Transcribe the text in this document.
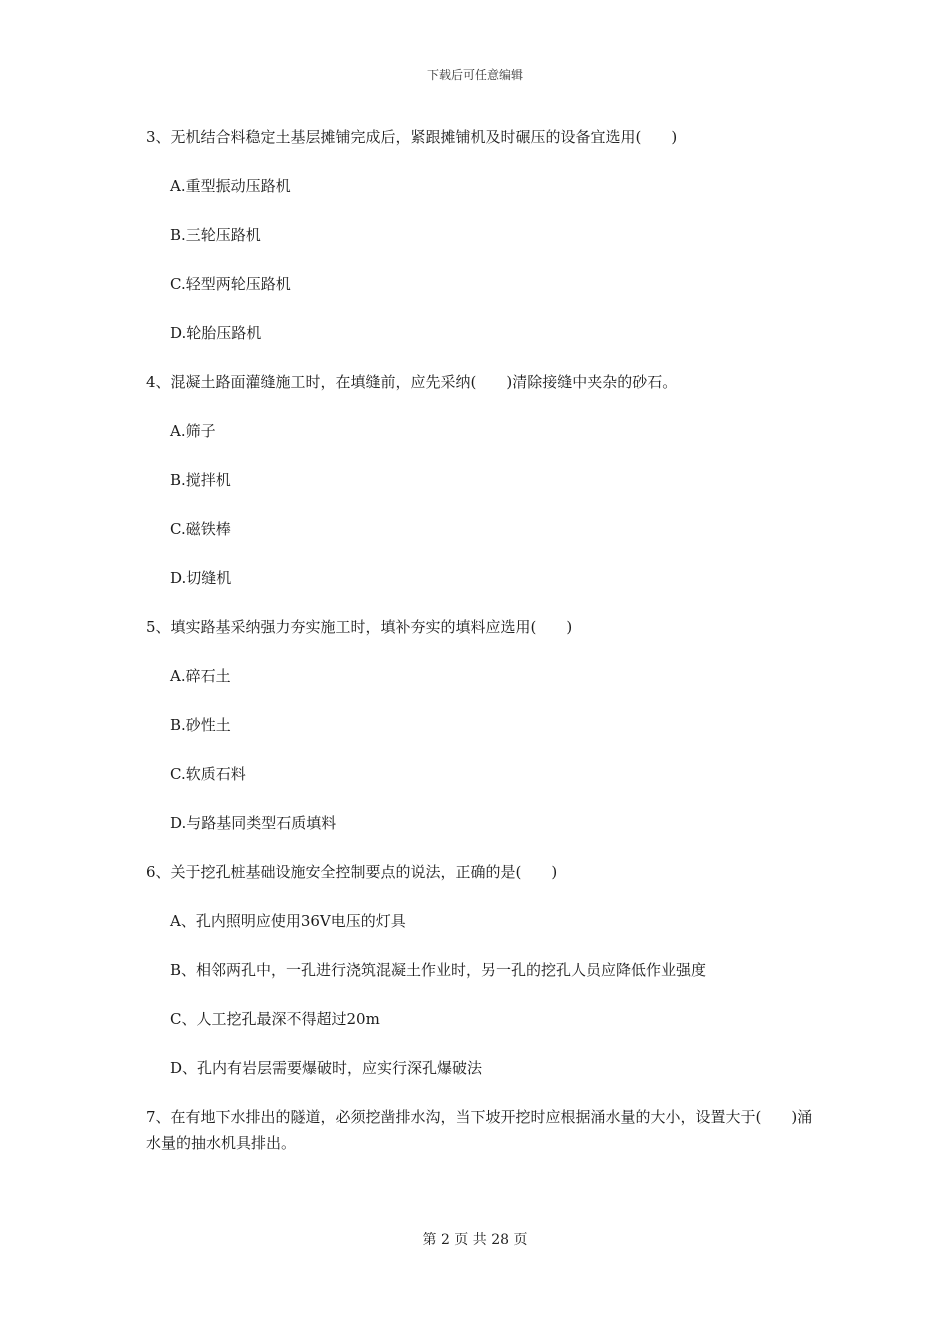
下载后可任意编辑
3、无机结合料稳定土基层摊铺完成后，紧跟摊铺机及时碾压的设备宜选用(　　)
A.重型振动压路机
B.三轮压路机
C.轻型两轮压路机
D.轮胎压路机
4、混凝土路面灌缝施工时，在填缝前，应先采纳(　　)清除接缝中夹杂的砂石。
A.筛子
B.搅拌机
C.磁铁棒
D.切缝机
5、填实路基采纳强力夯实施工时，填补夯实的填料应选用(　　)
A.碎石土
B.砂性土
C.软质石料
D.与路基同类型石质填料
6、关于挖孔桩基础设施安全控制要点的说法，正确的是(　　)
A、孔内照明应使用36V电压的灯具
B、相邻两孔中，一孔进行浇筑混凝土作业时，另一孔的挖孔人员应降低作业强度
C、人工挖孔最深不得超过20m
D、孔内有岩层需要爆破时，应实行深孔爆破法
7、在有地下水排出的隧道，必须挖凿排水沟，当下坡开挖时应根据涌水量的大小，设置大于(　　)涌水量的抽水机具排出。
第 2 页 共 28 页
